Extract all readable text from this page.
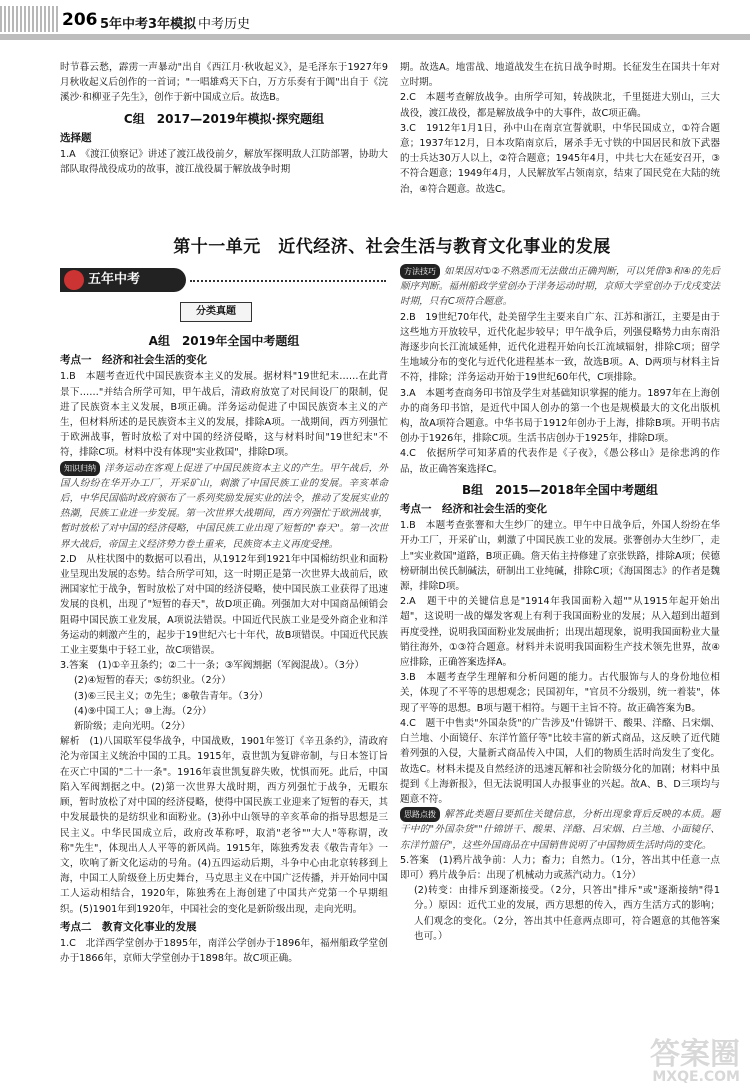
206 5年中考3年模拟 中考历史

时节暮云愁，霹雳一声暴动"出自《西江月·秋收起义》，是毛泽东于1927年9月秋收起义后创作的一首词；"一唱雄鸡天下白，万方乐奏有于阗"出自于《浣溪沙·和柳亚子先生》，创作于新中国成立后。故选B。

C组　2017—2019年模拟·探究题组
选择题

1.A　《渡江侦察记》讲述了渡江战役前夕，解放军探明敌人江防部署，协助大部队取得战役成功的故事，渡江战役属于解放战争时期

期。故选A。地雷战、地道战发生在抗日战争时期。长征发生在国共十年对立时期。

2.C　本题考查解放战争。由所学可知，转战陕北，千里挺进大别山，三大战役，渡江战役，都是解放战争中的大事件，故C项正确。

3.C　1912年1月1日，孙中山在南京宣誓就职，中华民国成立，①符合题意；1937年12月，日本攻陷南京后，屠杀手无寸铁的中国居民和放下武器的士兵达30万人以上，②符合题意；1945年4月，中共七大在延安召开，③不符合题意；1949年4月，人民解放军占领南京，结束了国民党在大陆的统治，④符合题意。故选C。

第十一单元　近代经济、社会生活与教育文化事业的发展
五年中考
分类真题
A组　2019年全国中考题组
考点一　经济和社会生活的变化

1.B　本题考查近代中国民族资本主义的发展。据材料"19世纪末……在此背景下……"并结合所学可知，甲午战后，清政府放宽了对民间设厂的限制，促进了民族资本主义发展，B项正确。洋务运动促进了中国民族资本主义的产生，但材料所述的是民族资本主义的发展，排除A项。一战期间，西方列强忙于欧洲战事，暂时放松了对中国的经济侵略，这与材料时间"19世纪末"不符，排除C项。材料中没有体现"实业救国"，排除D项。

知识归纳 洋务运动在客观上促进了中国民族资本主义的产生。甲午战后，外国人纷纷在华开办工厂，开采矿山，刺激了中国民族工业的发展。辛亥革命后，中华民国临时政府颁布了一系列奖励发展实业的法令，推动了发展实业的热潮，民族工业进一步发展。第一次世界大战期间，西方列强忙于欧洲战事，暂时放松了对中国的经济侵略，中国民族工业出现了短暂的"春天"。第一次世界大战后，帝国主义经济势力卷土重来，民族资本主义再度受挫。

2.D　从柱状图中的数据可以看出，从1912年到1921年中国棉纺织业和面粉业呈现出发展的态势。结合所学可知，这一时期正是第一次世界大战前后，欧洲国家忙于战争，暂时放松了对中国的经济侵略，使中国民族工业获得了迅速发展的良机，出现了"短暂的春天"，故D项正确。列强加大对中国商品倾销会阻碍中国民族工业发展，A项说法错误。中国近代民族工业是受外商企业和洋务运动的刺激产生的，起步于19世纪六七十年代，故B项错误。中国近代民族工业主要集中于轻工业，故C项错误。

3.答案　(1)①辛丑条约；②二十一条；③军阀割据（军阀混战）。（3分）

(2)④短暂的春天；⑤纺织业。（2分）

(3)⑥三民主义；⑦先生；⑧敬告青年。（3分）

(4)⑨中国工人；⑩上海。（2分）

新阶级；走向光明。（2分）

解析　(1)八国联军侵华战争，中国战败，1901年签订《辛丑条约》，清政府沦为帝国主义统治中国的工具。1915年，袁世凯为复辟帝制，与日本签订旨在灭亡中国的"二十一条"。1916年袁世凯复辟失败，忧惧而死。此后，中国陷入军阀割据之中。(2)第一次世界大战时期，西方列强忙于战争，无暇东顾，暂时放松了对中国的经济侵略，使得中国民族工业迎来了短暂的春天，其中发展最快的是纺织业和面粉业。(3)孙中山领导的辛亥革命的指导思想是三民主义。中华民国成立后，政府改革称呼，取消"老爷""大人"等称谓，改称"先生"，体现出人人平等的新风尚。1915年，陈独秀发表《敬告青年》一文，吹响了新文化运动的号角。(4)五四运动后期，斗争中心由北京转移到上海，中国工人阶级登上历史舞台，马克思主义在中国广泛传播，并开始同中国工人运动相结合，1920年，陈独秀在上海创建了中国共产党第一个早期组织。(5)1901年到1920年，中国社会的变化是新阶级出现，走向光明。

考点二　教育文化事业的发展

1.C　北洋西学堂创办于1895年，南洋公学创办于1896年，福州船政学堂创办于1866年，京师大学堂创办于1898年。故C项正确。

方法技巧 如果因对①②不熟悉而无法做出正确判断，可以凭借③和④的先后顺序判断。福州船政学堂创办于洋务运动时期，京师大学堂创办于戊戌变法时期，只有C项符合题意。

2.B　19世纪70年代，赴美留学生主要来自广东、江苏和浙江，主要是由于这些地方开放较早，近代化起步较早；甲午战争后，列强侵略势力由东南沿海逐步向长江流域延伸，近代化进程开始向长江流域辐射，排除C项；留学生地域分布的变化与近代化进程基本一致，故选B项。A、D两项与材料主旨不符，排除；洋务运动开始于19世纪60年代，C项排除。

3.A　本题考查商务印书馆及学生对基础知识掌握的能力。1897年在上海创办的商务印书馆，是近代中国人创办的第一个也是规模最大的文化出版机构，故A项符合题意。中华书局于1912年创办于上海，排除B项。开明书店创办于1926年，排除C项。生活书店创办于1925年，排除D项。

4.C　依据所学可知茅盾的代表作是《子夜》，《愚公移山》是徐悲鸿的作品，故正确答案选择C。

B组　2015—2018年全国中考题组
考点一　经济和社会生活的变化

1.B　本题考查张謇和大生纱厂的建立。甲午中日战争后，外国人纷纷在华开办工厂，开采矿山，刺激了中国民族工业的发展。张謇创办大生纱厂，走上"实业救国"道路，B项正确。詹天佑主持修建了京张铁路，排除A项；侯德榜研制出侯氏制碱法，研制出工业纯碱，排除C项；《海国图志》的作者是魏源，排除D项。

2.A　题干中的关键信息是"1914年我国面粉入超""从1915年起开始出超"，这说明一战的爆发客观上有利于我国面粉业的发展；从入超到出超到再度受挫，说明我国面粉业发展曲折；出现出超现象，说明我国面粉业大量销往海外，①③符合题意。材料并未说明我国面粉生产技术领先世界，故④应排除，正确答案选择A。

3.B　本题考查学生理解和分析问题的能力。古代服饰与人的身份地位相关，体现了不平等的思想观念；民国初年，"官员不分级别，统一着装"，体现了平等的思想。B项与题干相符。与题干主旨不符。故正确答案为B。

4.C　题干中售卖"外国杂货"的广告涉及"什锦饼干、酸果、洋酪、吕宋烟、白兰地、小面镜仔、东洋竹篮仔等"比较丰富的新式商品，这反映了近代随着列强的入侵，大量新式商品传入中国，人们的物质生活时尚发生了变化。故选C。材料未提及自然经济的迅速瓦解和社会阶级分化的加剧；材料中虽提到《上海新报》，但无法说明国人办报事业的兴起。故A、B、D三项均与题意不符。

思路点拨 解答此类题目要抓住关键信息，分析出现象背后反映的本质。题干中的"外国杂货""什锦饼干、酸果、洋酪、吕宋烟、白兰地、小面镜仔、东洋竹篮仔"，这些外国商品在中国销售说明了中国物质生活时尚的变化。

5.答案　(1)鸦片战争前：人力；畜力；自然力。（1分，答出其中任意一点即可）鸦片战争后：出现了机械动力或蒸汽动力。（1分）

(2)转变：由排斥到逐渐接受。（2分，只答出"排斥"或"逐渐接纳"得1分。）原因：近代工业的发展，西方思想的传入，西方生活方式的影响；人们观念的变化。（2分，答出其中任意两点即可，符合题意的其他答案也可。）

答案圈
MXQE.COM
